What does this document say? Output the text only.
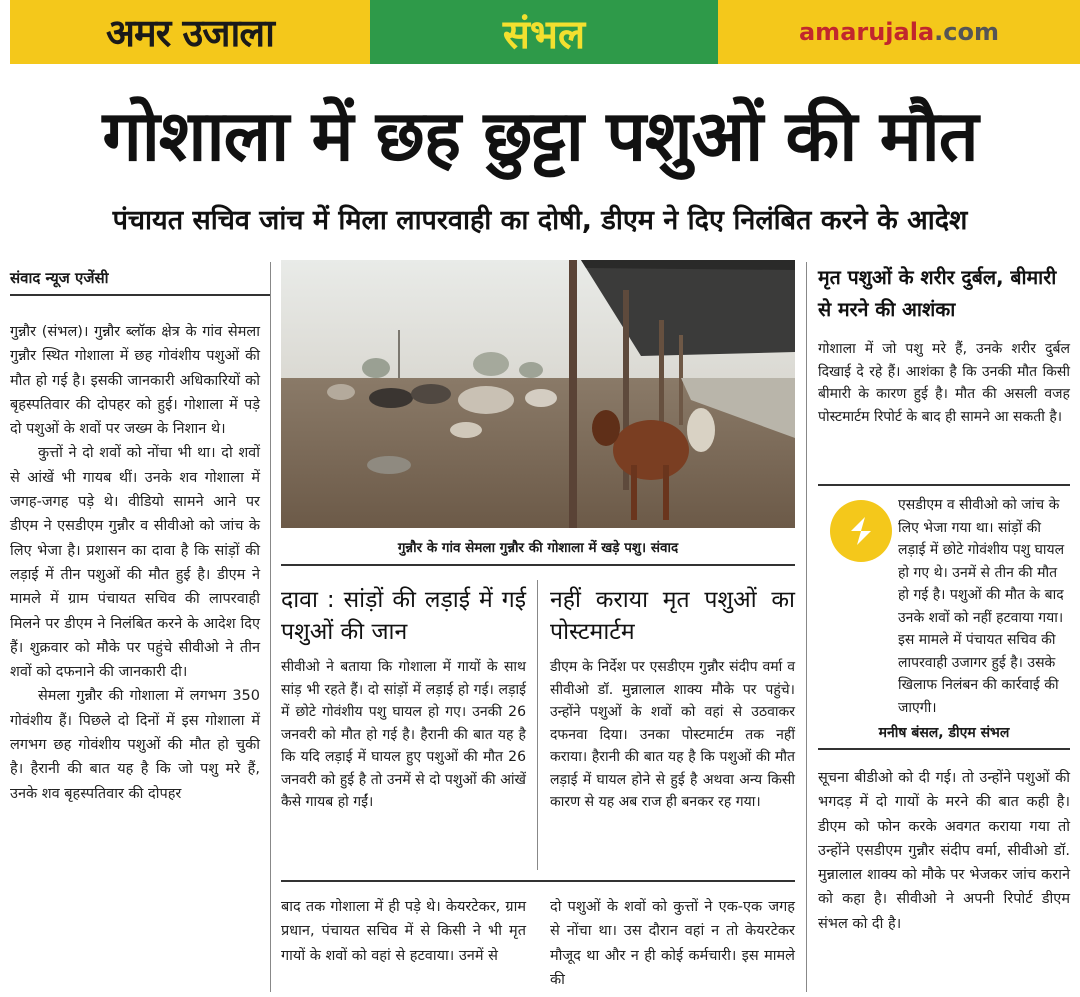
अमर उजाला	संभल	amarujala .com
गोशाला में छह छुट्टा पशुओं की मौत
पंचायत सचिव जांच में मिला लापरवाही का दोषी, डीएम ने दिए निलंबित करने के आदेश
संवाद न्यूज एजेंसी

गुन्नौर (संभल)। गुन्नौर ब्लॉक क्षेत्र के गांव सेमला गुन्नौर स्थित गोशाला में छह गोवंशीय पशुओं की मौत हो गई है। इसकी जानकारी अधिकारियों को बृहस्पतिवार की दोपहर को हुई। गोशाला में पड़े दो पशुओं के शवों पर जख्म के निशान थे।

कुत्तों ने दो शवों को नोंचा भी था। दो शवों से आंखें भी गायब थीं। उनके शव गोशाला में जगह-जगह पड़े थे। वीडियो सामने आने पर डीएम ने एसडीएम गुन्नौर व सीवीओ को जांच के लिए भेजा है। प्रशासन का दावा है कि सांड़ों की लड़ाई में तीन पशुओं की मौत हुई है। डीएम ने मामले में ग्राम पंचायत सचिव की लापरवाही मिलने पर डीएम ने निलंबित करने के आदेश दिए हैं। शुक्रवार को मौके पर पहुंचे सीवीओ ने तीन शवों को दफनाने की जानकारी दी।

सेमला गुन्नौर की गोशाला में लगभग 350 गोवंशीय हैं। पिछले दो दिनों में इस गोशाला में लगभग छह गोवंशीय पशुओं की मौत हो चुकी है। हैरानी की बात यह है कि जो पशु मरे हैं, उनके शव बृहस्पतिवार की दोपहर

गुन्नौर के गांव सेमला गुन्नौर की गोशाला में खड़े पशु। संवाद
दावा : सांड़ों की लड़ाई में गई पशुओं की जान
सीवीओ ने बताया कि गोशाला में गायों के साथ सांड़ भी रहते हैं। दो सांड़ों में लड़ाई हो गई। लड़ाई में छोटे गोवंशीय पशु घायल हो गए। उनकी 26 जनवरी को मौत हो गई है। हैरानी की बात यह है कि यदि लड़ाई में घायल हुए पशुओं की मौत 26 जनवरी को हुई है तो उनमें से दो पशुओं की आंखें कैसे गायब हो गईं।
नहीं कराया मृत पशुओं का पोस्टमार्टम
डीएम के निर्देश पर एसडीएम गुन्नौर संदीप वर्मा व सीवीओ डॉ. मुन्नालाल शाक्य मौके पर पहुंचे। उन्होंने पशुओं के शवों को वहां से उठवाकर दफनवा दिया। उनका पोस्टमार्टम तक नहीं कराया। हैरानी की बात यह है कि पशुओं की मौत लड़ाई में घायल होने से हुई है अथवा अन्य किसी कारण से यह अब राज ही बनकर रह गया।
बाद तक गोशाला में ही पड़े थे। केयरटेकर, ग्राम प्रधान, पंचायत सचिव में से किसी ने भी मृत गायों के शवों को वहां से हटवाया। उनमें से
दो पशुओं के शवों को कुत्तों ने एक-एक जगह से नोंचा था। उस दौरान वहां न तो केयरटेकर मौजूद था और न ही कोई कर्मचारी। इस मामले की
मृत पशुओं के शरीर दुर्बल, बीमारी से मरने की आशंका
गोशाला में जो पशु मरे हैं, उनके शरीर दुर्बल दिखाई दे रहे हैं। आशंका है कि उनकी मौत किसी बीमारी के कारण हुई है। मौत की असली वजह पोस्टमार्टम रिपोर्ट के बाद ही सामने आ सकती है।
एसडीएम व सीवीओ को जांच के लिए भेजा गया था। सांड़ों की लड़ाई में छोटे गोवंशीय पशु घायल हो गए थे। उनमें से तीन की मौत हो गई है। पशुओं की मौत के बाद उनके शवों को नहीं हटवाया गया। इस मामले में पंचायत सचिव की लापरवाही उजागर हुई है। उसके खिलाफ निलंबन की कार्रवाई की जाएगी।
मनीष बंसल, डीएम संभल
सूचना बीडीओ को दी गई। तो उन्होंने पशुओं की भगदड़ में दो गायों के मरने की बात कही है। डीएम को फोन करके अवगत कराया गया तो उन्होंने एसडीएम गुन्नौर संदीप वर्मा, सीवीओ डॉ. मुन्नालाल शाक्य को मौके पर भेजकर जांच कराने को कहा है। सीवीओ ने अपनी रिपोर्ट डीएम संभल को दी है।
